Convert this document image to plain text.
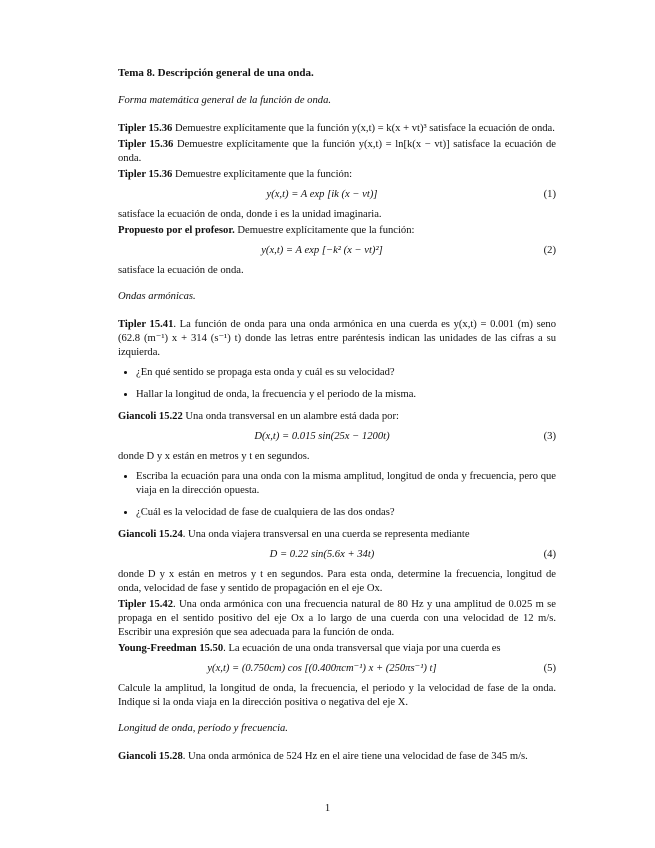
Tema 8. Descripción general de una onda.
Forma matemática general de la función de onda.

Tipler 15.36 Demuestre explícitamente que la función y(x,t) = k(x + vt)³ satisface la ecuación de onda.

Tipler 15.36 Demuestre explícitamente que la función y(x,t) = ln[k(x − vt)] satisface la ecuación de onda.

Tipler 15.36 Demuestre explícitamente que la función:

y(x,t) = A exp [ik (x − vt)]	(1)

satisface la ecuación de onda, donde i es la unidad imaginaria.

Propuesto por el profesor. Demuestre explícitamente que la función:

y(x,t) = A exp [−k² (x − vt)²]	(2)

satisface la ecuación de onda.

Ondas armónicas.

Tipler 15.41. La función de onda para una onda armónica en una cuerda es y(x,t) = 0.001 (m) seno (62.8 (m⁻¹) x + 314 (s⁻¹) t) donde las letras entre paréntesis indican las unidades de las cifras a su izquierda.

• ¿En qué sentido se propaga esta onda y cuál es su velocidad?
• Hallar la longitud de onda, la frecuencia y el periodo de la misma.

Giancoli 15.22 Una onda transversal en un alambre está dada por:

D(x,t) = 0.015 sin(25x − 1200t)	(3)

donde D y x están en metros y t en segundos.

• Escriba la ecuación para una onda con la misma amplitud, longitud de onda y frecuencia, pero que viaja en la dirección opuesta.
• ¿Cuál es la velocidad de fase de cualquiera de las dos ondas?

Giancoli 15.24. Una onda viajera transversal en una cuerda se representa mediante

D = 0.22 sin(5.6x + 34t)	(4)

donde D y x están en metros y t en segundos. Para esta onda, determine la frecuencia, longitud de onda, velocidad de fase y sentido de propagación en el eje Ox.

Tipler 15.42. Una onda armónica con una frecuencia natural de 80 Hz y una amplitud de 0.025 m se propaga en el sentido positivo del eje Ox a lo largo de una cuerda con una velocidad de 12 m/s. Escribir una expresión que sea adecuada para la función de onda.

Young-Freedman 15.50. La ecuación de una onda transversal que viaja por una cuerda es

y(x,t) = (0.750cm) cos [(0.400πcm⁻¹) x + (250πs⁻¹) t]	(5)

Calcule la amplitud, la longitud de onda, la frecuencia, el periodo y la velocidad de fase de la onda. Indique si la onda viaja en la dirección positiva o negativa del eje X.

Longitud de onda, período y frecuencia.

Giancoli 15.28. Una onda armónica de 524 Hz en el aire tiene una velocidad de fase de 345 m/s.

1
